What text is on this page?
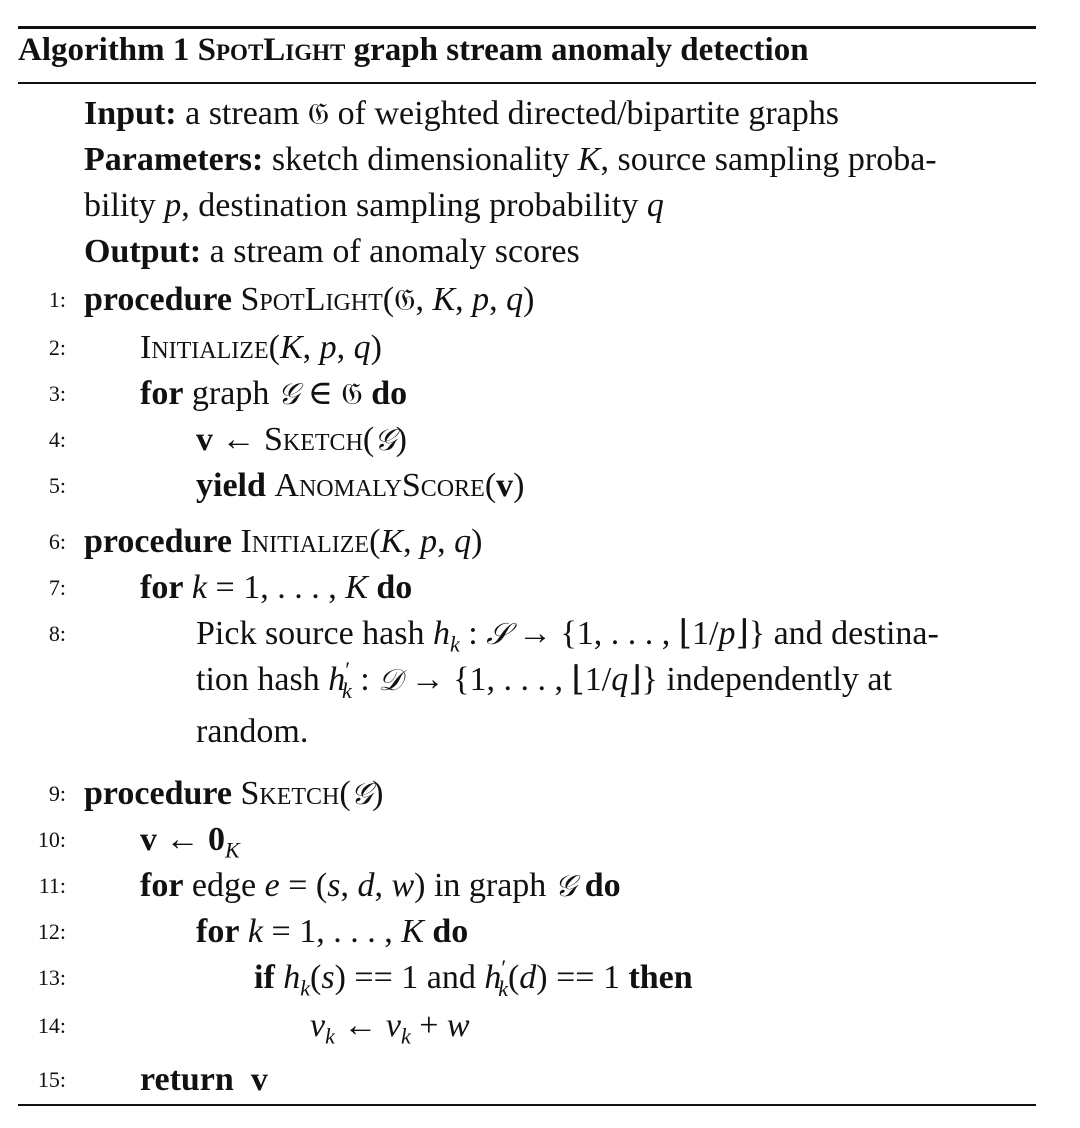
Algorithm 1 SpotLight graph stream anomaly detection
Input: a stream 𝔊 of weighted directed/bipartite graphs
Parameters: sketch dimensionality K, source sampling proba-
bility p, destination sampling probability q
Output: a stream of anomaly scores
1: procedure SpotLight(𝔊, K, p, q)
2: Initialize(K, p, q)
3: for graph 𝒢 ∈ 𝔊 do
4:	v ← Sketch(𝒢)
5:	yield AnomalyScore(v)
6: procedure Initialize(K, p, q)
7: for k = 1, . . . , K do
8:	Pick source hash $h_k$ : 𝒮 → {1, . . . , ⌊1/p⌋} and destina-
tion hash $h'_k$ : 𝒟 → {1, . . . , ⌊1/q⌋} independently at
random.
9: procedure Sketch(𝒢)
10: v ← $0_K$
11: for edge e = (s, d, w) in graph 𝒢 do
12:	for k = 1, . . . , K do
13:	if $h_k(s) == 1$ and $h'_k(d) == 1$ then
14:	$v_k$ ← $v_k + w$
15: return v
